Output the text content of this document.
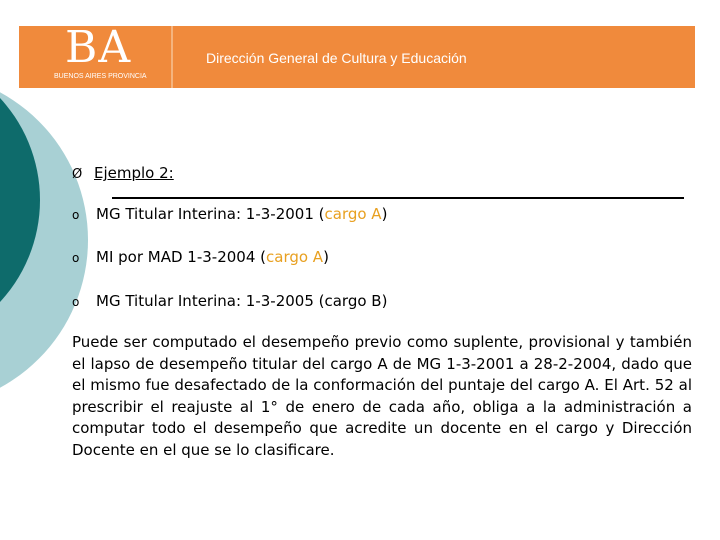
BA
BUENOS AIRES PROVINCIA
Dirección General de Cultura y Educación
Ø Ejemplo 2:
o MG Titular Interina: 1-3-2001 (cargo A)
o MI por MAD 1-3-2004 (cargo A)
o MG Titular Interina: 1-3-2005 (cargo B)
Puede ser computado el desempeño previo como suplente, provisional y también el lapso de desempeño titular del cargo A de MG 1-3-2001 a 28-2-2004, dado que el mismo fue desafectado de la conformación del puntaje del cargo A. El Art. 52 al prescribir el reajuste al 1° de enero de cada año, obliga a la administración a computar todo el desempeño que acredite un docente en el cargo y Dirección Docente en el que se lo clasificare.
